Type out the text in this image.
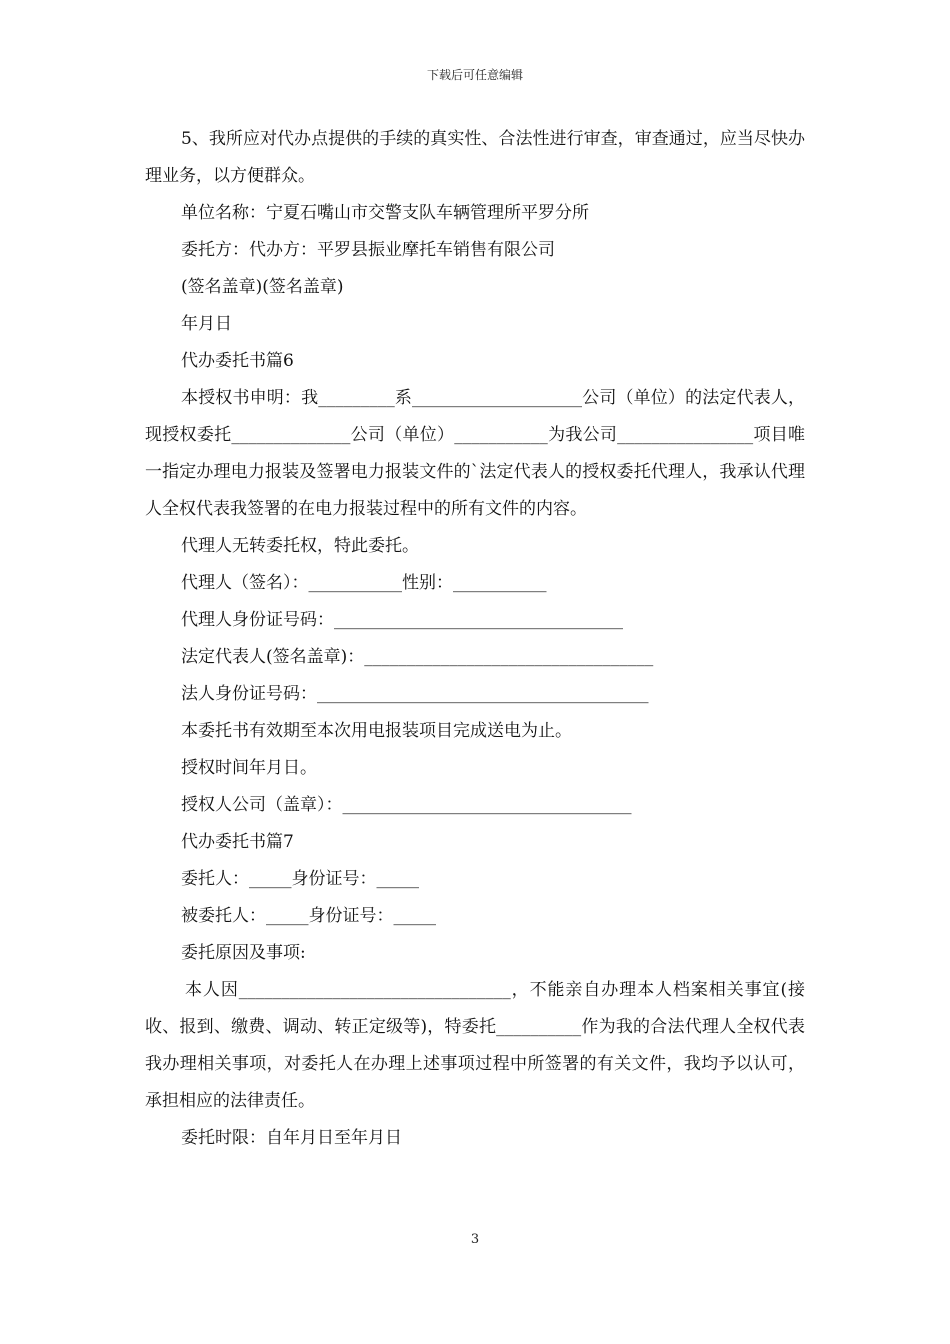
下载后可任意编辑

5、我所应对代办点提供的手续的真实性、合法性进行审查，审查通过，应当尽快办理业务，以方便群众。

单位名称：宁夏石嘴山市交警支队车辆管理所平罗分所

委托方：代办方：平罗县振业摩托车销售有限公司

(签名盖章)(签名盖章)

年月日

代办委托书篇6

本授权书申明：我_________系____________________公司（单位）的法定代表人，现授权委托______________公司（单位）___________为我公司________________项目唯一指定办理电力报装及签署电力报装文件的`法定代表人的授权委托代理人，我承认代理人全权代表我签署的在电力报装过程中的所有文件的内容。

代理人无转委托权，特此委托。

代理人（签名）：___________性别：___________

代理人身份证号码：__________________________________

法定代表人(签名盖章)：__________________________________

法人身份证号码：_______________________________________

本委托书有效期至本次用电报装项目完成送电为止。

授权时间年月日。

授权人公司（盖章）：__________________________________

代办委托书篇7

委托人：_____身份证号：_____

被委托人：_____身份证号：_____

委托原因及事项:

本人因________________________________，不能亲自办理本人档案相关事宜(接收、报到、缴费、调动、转正定级等)，特委托__________作为我的合法代理人全权代表我办理相关事项，对委托人在办理上述事项过程中所签署的有关文件，我均予以认可，承担相应的法律责任。

委托时限：自年月日至年月日

3
